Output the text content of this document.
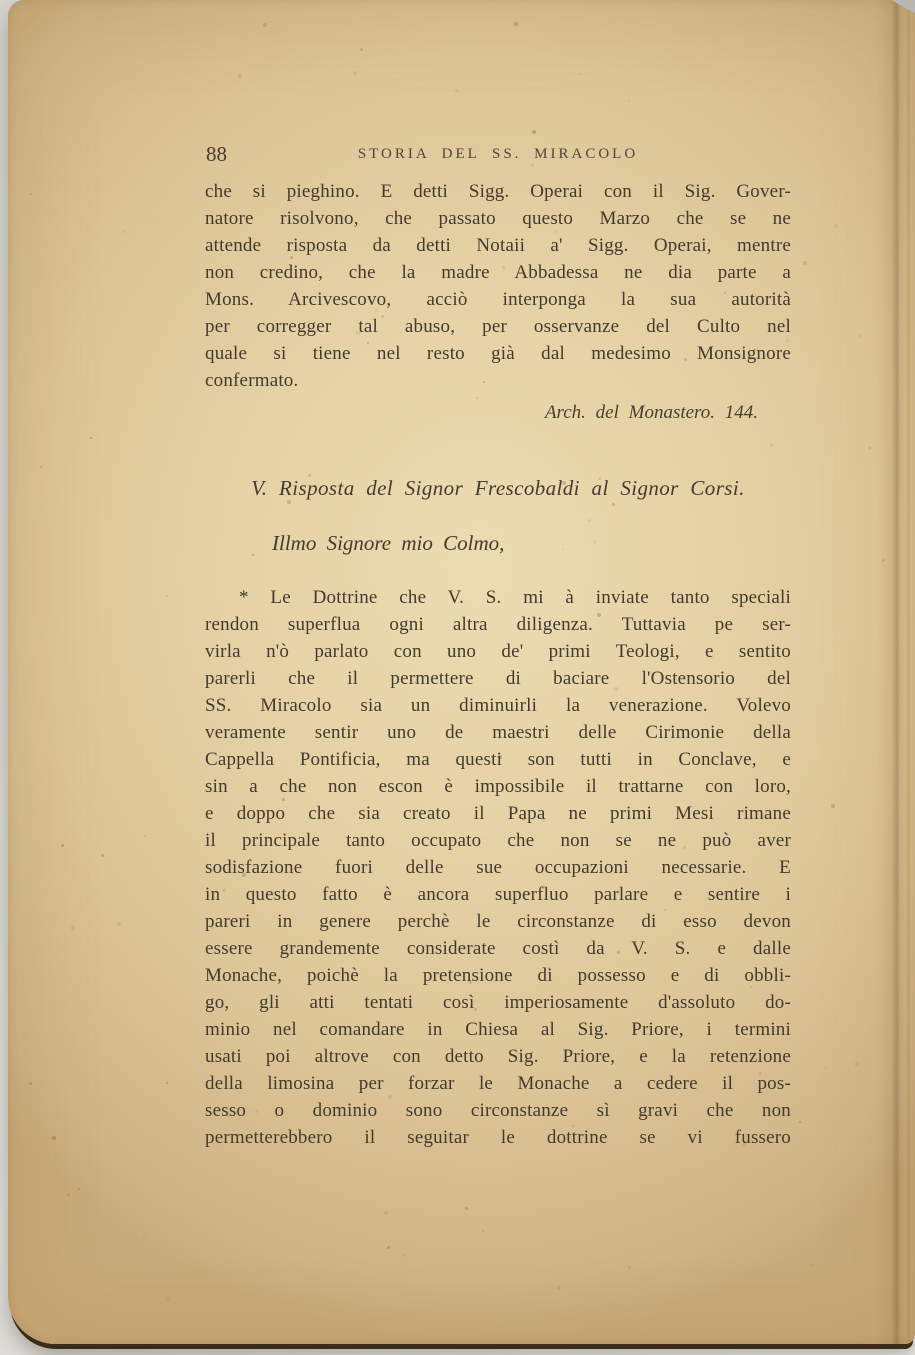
88	STORIA DEL SS. MIRACOLO
che si pieghino. E detti Sigg. Operai con il Sig. Gover-
natore risolvono, che passato questo Marzo che se ne
attende risposta da detti Notaii a' Sigg. Operai, mentre
non credino, che la madre Abbadessa ne dia parte a
Mons. Arcivescovo, acciò interponga la sua autorità
per corregger tal abuso, per osservanze del Culto nel
quale si tiene nel resto già dal medesimo Monsignore
confermato.
Arch. del Monastero. 144.
V. Risposta del Signor Frescobaldi al Signor Corsi.
Illmo Signore mio Colmo,
* Le Dottrine che V. S. mi à inviate tanto speciali
rendon superflua ogni altra diligenza. Tuttavia pe ser-
virla n'ò parlato con uno de' primi Teologi, e sentito
parerli che il permettere di baciare l'Ostensorio del
SS. Miracolo sia un diminuirli la venerazione. Volevo
veramente sentir uno de maestri delle Cirimonie della
Cappella Pontificia, ma questi son tutti in Conclave, e
sin a che non escon è impossibile il trattarne con loro,
e doppo che sia creato il Papa ne primi Mesi rimane
il principale tanto occupato che non se ne può aver
sodisfazione fuori delle sue occupazioni necessarie. E
in questo fatto è ancora superfluo parlare e sentire i
pareri in genere perchè le circonstanze di esso devon
essere grandemente considerate costì da V. S. e dalle
Monache, poichè la pretensione di possesso e di obbli-
go, gli atti tentati così imperiosamente d'assoluto do-
minio nel comandare in Chiesa al Sig. Priore, i termini
usati poi altrove con detto Sig. Priore, e la retenzione
della limosina per forzar le Monache a cedere il pos-
sesso o dominio sono circonstanze sì gravi che non
permetterebbero il seguitar le dottrine se vi fussero
